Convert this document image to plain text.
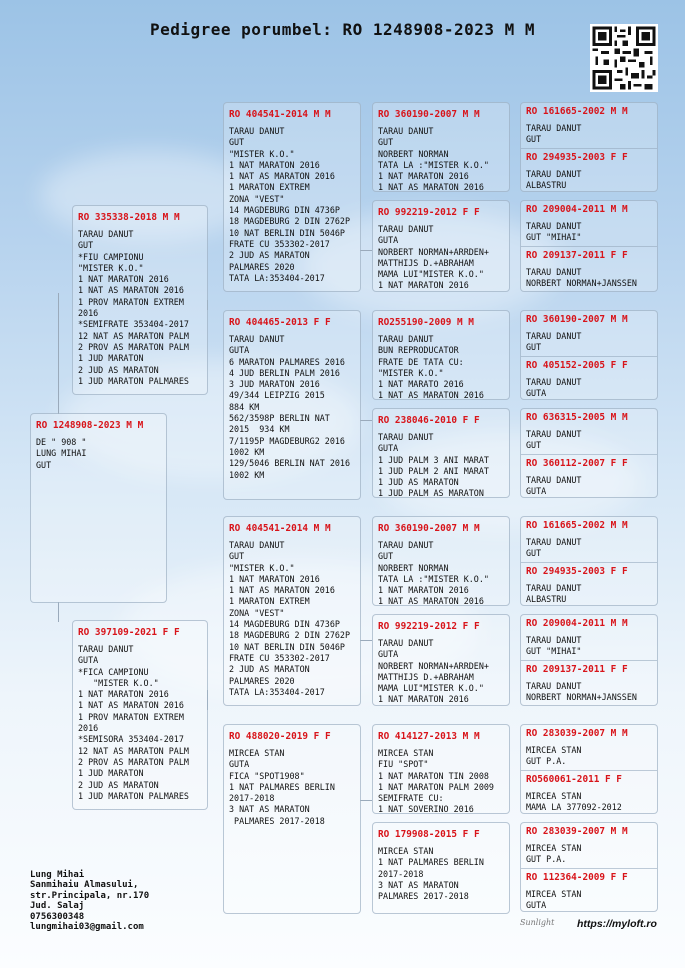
Pedigree porumbel: RO 1248908-2023 M M
RO 1248908-2023 M M
DE " 908 "
LUNG MIHAI
GUT
RO 335338-2018 M M
TARAU DANUT
GUT
*FIU CAMPIONU
"MISTER K.O."
1 NAT MARATON 2016
1 NAT AS MARATON 2016
1 PROV MARATON EXTREM
2016
*SEMIFRATE 353404-2017
12 NAT AS MARATON PALM
2 PROV AS MARATON PALM
1 JUD MARATON
2 JUD AS MARATON
1 JUD MARATON PALMARES
RO 397109-2021 F F
TARAU DANUT
GUTA
*FICA CAMPIONU
"MISTER K.O."
1 NAT MARATON 2016
1 NAT AS MARATON 2016
1 PROV MARATON EXTREM
2016
*SEMISORA 353404-2017
12 NAT AS MARATON PALM
2 PROV AS MARATON PALM
1 JUD MARATON
2 JUD AS MARATON
1 JUD MARATON PALMARES
RO 404541-2014 M M
TARAU DANUT
GUT
"MISTER K.O."
1 NAT MARATON 2016
1 NAT AS MARATON 2016
1 MARATON EXTREM
ZONA "VEST"
14 MAGDEBURG DIN 4736P
18 MAGDEBURG 2 DIN 2762P
10 NAT BERLIN DIN 5046P
FRATE CU 353302-2017
2 JUD AS MARATON
PALMARES 2020
TATA LA:353404-2017
RO 404465-2013 F F
TARAU DANUT
GUTA
6 MARATON PALMARES 2016
4 JUD BERLIN PALM 2016
3 JUD MARATON 2016
49/344 LEIPZIG 2015
884 KM
562/3598P BERLIN NAT
2015  934 KM
7/1195P MAGDEBURG2 2016
1002 KM
129/5046 BERLIN NAT 2016
1002 KM
RO 404541-2014 M M
TARAU DANUT
GUT
"MISTER K.O."
1 NAT MARATON 2016
1 NAT AS MARATON 2016
1 MARATON EXTREM
ZONA "VEST"
14 MAGDEBURG DIN 4736P
18 MAGDEBURG 2 DIN 2762P
10 NAT BERLIN DIN 5046P
FRATE CU 353302-2017
2 JUD AS MARATON
PALMARES 2020
TATA LA:353404-2017
RO 488020-2019 F F
MIRCEA STAN
GUTA
FICA "SPOT1908"
1 NAT PALMARES BERLIN
2017-2018
3 NAT AS MARATON
PALMARES 2017-2018
RO 360190-2007 M M
TARAU DANUT
GUT
NORBERT NORMAN
TATA LA :"MISTER K.O."
1 NAT MARATON 2016
1 NAT AS MARATON 2016
RO 992219-2012 F F
TARAU DANUT
GUTA
NORBERT NORMAN+ARRDEN+
MATTHIJS D.+ABRAHAM
MAMA LUI"MISTER K.O."
1 NAT MARATON 2016
RO255190-2009 M M
TARAU DANUT
BUN REPRODUCATOR
FRATE DE TATA CU:
"MISTER K.O."
1 NAT MARATO 2016
1 NAT AS MARATON 2016
RO 238046-2010 F F
TARAU DANUT
GUTA
1 JUD PALM 3 ANI MARAT
1 JUD PALM 2 ANI MARAT
1 JUD AS MARATON
1 JUD PALM AS MARATON
RO 360190-2007 M M
TARAU DANUT
GUT
NORBERT NORMAN
TATA LA :"MISTER K.O."
1 NAT MARATON 2016
1 NAT AS MARATON 2016
RO 992219-2012 F F
TARAU DANUT
GUTA
NORBERT NORMAN+ARRDEN+
MATTHIJS D.+ABRAHAM
MAMA LUI"MISTER K.O."
1 NAT MARATON 2016
RO 414127-2013 M M
MIRCEA STAN
FIU "SPOT"
1 NAT MARATON TIN 2008
1 NAT MARATON PALM 2009
SEMIFRATE CU:
1 NAT SOVERINO 2016
RO 179908-2015 F F
MIRCEA STAN
1 NAT PALMARES BERLIN
2017-2018
3 NAT AS MARATON
PALMARES 2017-2018
RO 161665-2002 M M
TARAU DANUT
GUT
RO 294935-2003 F F
TARAU DANUT
ALBASTRU
RO 209004-2011 M M
TARAU DANUT
GUT "MIHAI"
RO 209137-2011 F F
TARAU DANUT
NORBERT NORMAN+JANSSEN
RO 360190-2007 M M
TARAU DANUT
GUT
RO 405152-2005 F F
TARAU DANUT
GUTA
RO 636315-2005 M M
TARAU DANUT
GUT
RO 360112-2007 F F
TARAU DANUT
GUTA
RO 161665-2002 M M
TARAU DANUT
GUT
RO 294935-2003 F F
TARAU DANUT
ALBASTRU
RO 209004-2011 M M
TARAU DANUT
GUT "MIHAI"
RO 209137-2011 F F
TARAU DANUT
NORBERT NORMAN+JANSSEN
RO 283039-2007 M M
MIRCEA STAN
GUT P.A.
RO560061-2011 F F
MIRCEA STAN
MAMA LA 377092-2012
RO 283039-2007 M M
MIRCEA STAN
GUT P.A.
RO 112364-2009 F F
MIRCEA STAN
GUTA
Lung Mihai
Sanmihaiu Almasului,
str.Principala, nr.170
Jud. Salaj
0756300348
lungmihai03@gmail.com	Sunlight https://myloft.ro
